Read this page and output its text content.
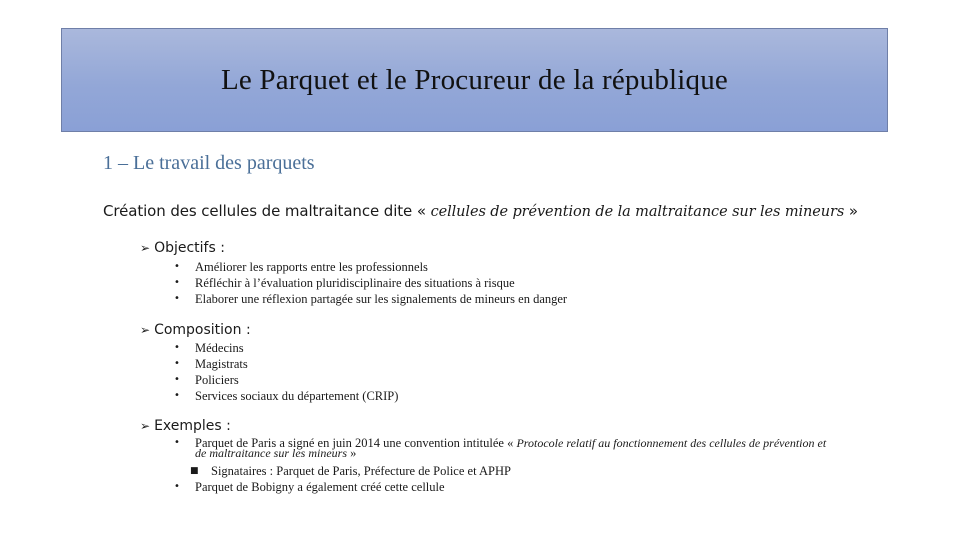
Le Parquet et le Procureur de la république
1 – Le travail des parquets
Création des cellules de maltraitance dite « cellules de prévention de la maltraitance sur les mineurs »
➢ Objectifs :
• Améliorer les rapports entre les professionnels
• Réfléchir à l’évaluation pluridisciplinaire des situations à risque
• Elaborer une réflexion partagée sur les signalements de mineurs en danger
➢ Composition :
• Médecins
• Magistrats
• Policiers
• Services sociaux du département (CRIP)
➢ Exemples :
• Parquet de Paris a signé en juin 2014 une convention intitulée « Protocole relatif au fonctionnement des cellules de prévention et de maltraitance sur les mineurs »
■ Signataires : Parquet de Paris, Préfecture de Police et APHP
• Parquet de Bobigny a également créé cette cellule
